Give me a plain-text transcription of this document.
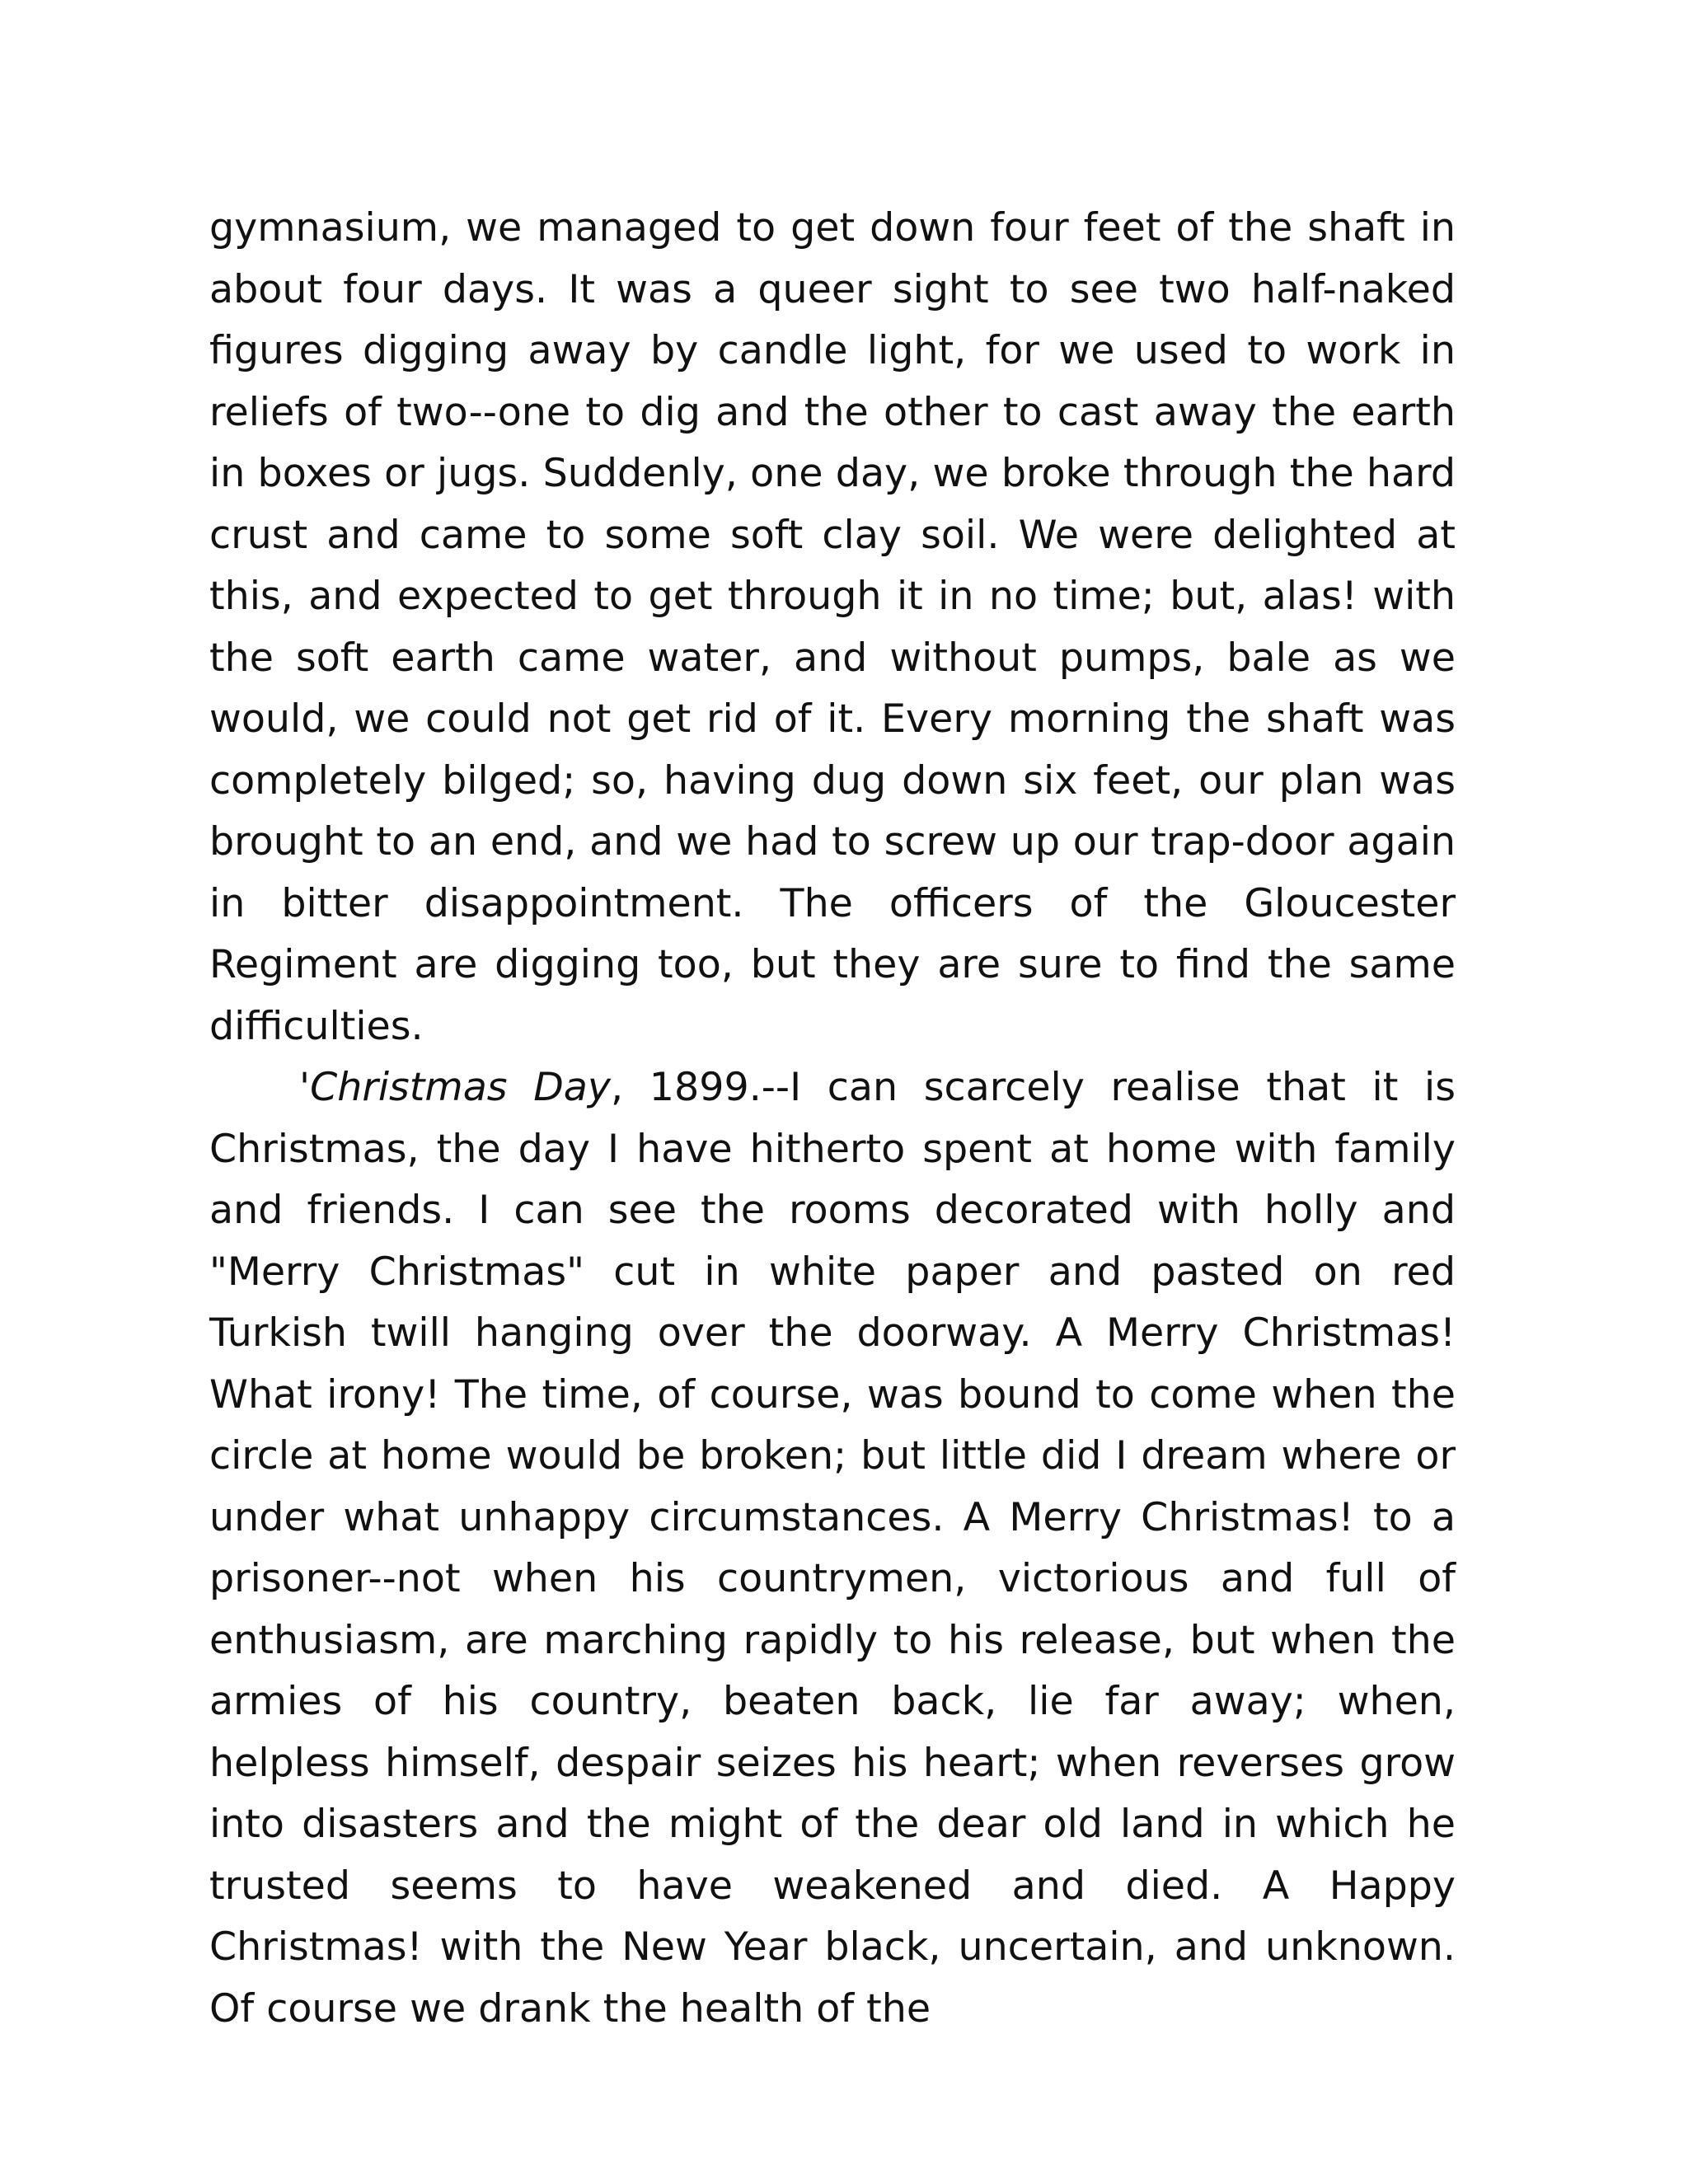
gymnasium, we managed to get down four feet of the shaft in about four days. It was a queer sight to see two half-naked figures digging away by candle light, for we used to work in reliefs of two--one to dig and the other to cast away the earth in boxes or jugs. Suddenly, one day, we broke through the hard crust and came to some soft clay soil. We were delighted at this, and expected to get through it in no time; but, alas! with the soft earth came water, and without pumps, bale as we would, we could not get rid of it. Every morning the shaft was completely bilged; so, having dug down six feet, our plan was brought to an end, and we had to screw up our trap-door again in bitter disappointment. The officers of the Gloucester Regiment are digging too, but they are sure to find the same difficulties.

'Christmas Day, 1899.--I can scarcely realise that it is Christmas, the day I have hitherto spent at home with family and friends. I can see the rooms decorated with holly and "Merry Christmas" cut in white paper and pasted on red Turkish twill hanging over the doorway. A Merry Christmas! What irony! The time, of course, was bound to come when the circle at home would be broken; but little did I dream where or under what unhappy circumstances. A Merry Christmas! to a prisoner--not when his countrymen, victorious and full of enthusiasm, are marching rapidly to his release, but when the armies of his country, beaten back, lie far away; when, helpless himself, despair seizes his heart; when reverses grow into disasters and the might of the dear old land in which he trusted seems to have weakened and died. A Happy Christmas! with the New Year black, uncertain, and unknown. Of course we drank the health of the
